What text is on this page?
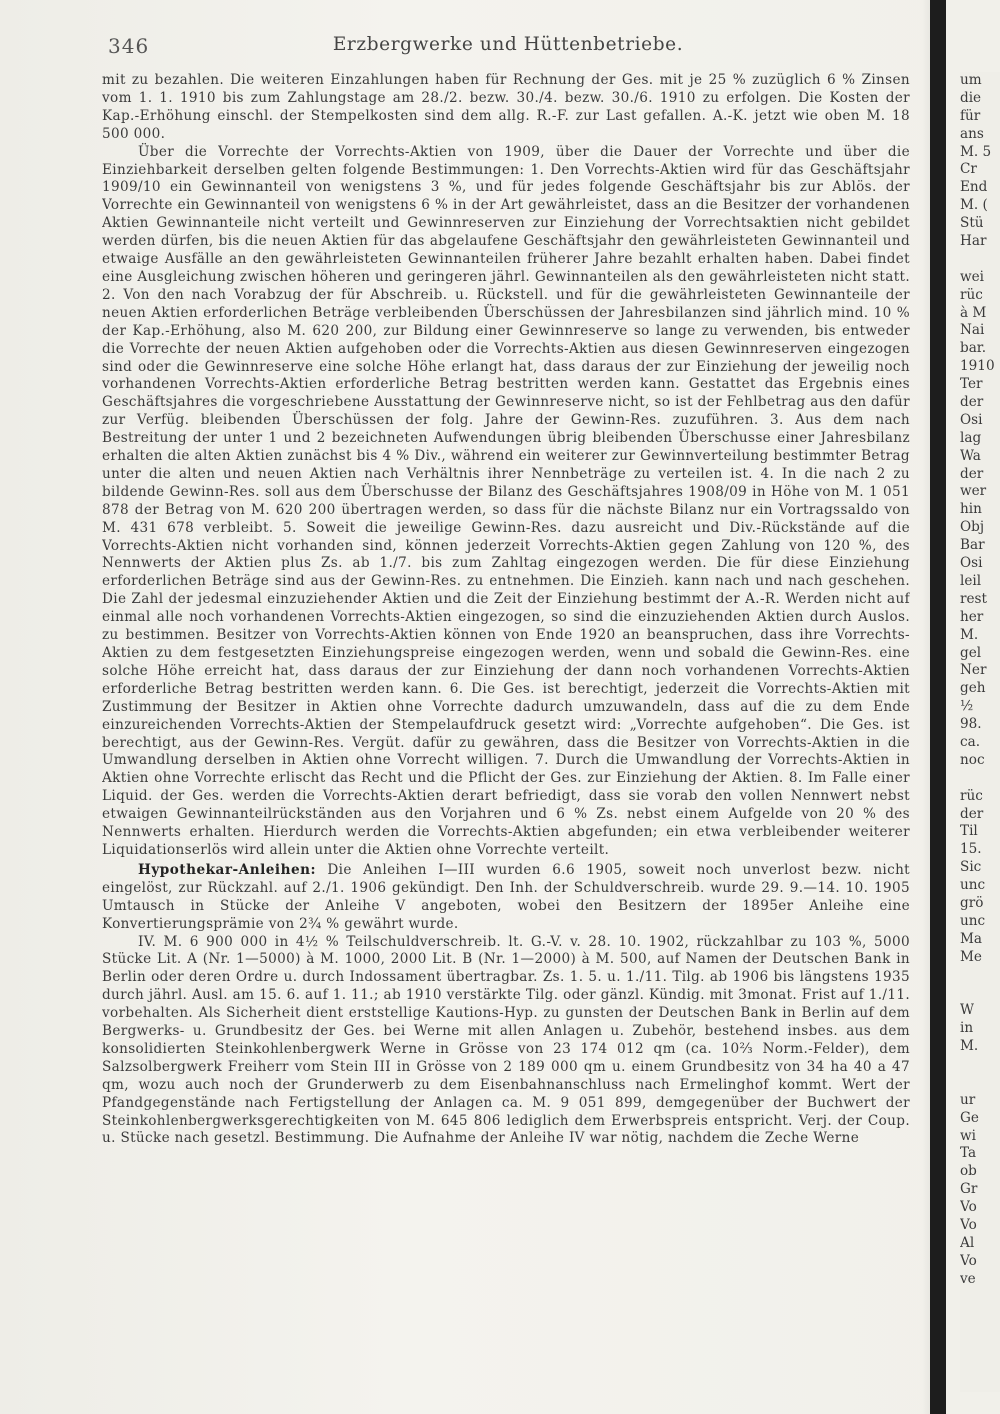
346	Erzbergwerke und Hüttenbetriebe.

mit zu bezahlen. Die weiteren Einzahlungen haben für Rechnung der Ges. mit je 25 % zuzüglich 6 % Zinsen vom 1. 1. 1910 bis zum Zahlungstage am 28./2. bezw. 30./4. bezw. 30./6. 1910 zu erfolgen. Die Kosten der Kap.-Erhöhung einschl. der Stempelkosten sind dem allg. R.-F. zur Last gefallen. A.-K. jetzt wie oben M. 18 500 000.

Über die Vorrechte der Vorrechts-Aktien von 1909, über die Dauer der Vorrechte und über die Einziehbarkeit derselben gelten folgende Bestimmungen: 1. Den Vorrechts-Aktien wird für das Geschäftsjahr 1909/10 ein Gewinnanteil von wenigstens 3 %, und für jedes folgende Geschäftsjahr bis zur Ablös. der Vorrechte ein Gewinnanteil von wenigstens 6 % in der Art gewährleistet, dass an die Besitzer der vorhandenen Aktien Gewinnanteile nicht verteilt und Gewinnreserven zur Einziehung der Vorrechtsaktien nicht gebildet werden dürfen, bis die neuen Aktien für das abgelaufene Geschäftsjahr den gewährleisteten Gewinnanteil und etwaige Ausfälle an den gewährleisteten Gewinnanteilen früherer Jahre bezahlt erhalten haben. Dabei findet eine Ausgleichung zwischen höheren und geringeren jährl. Gewinnanteilen als den gewährleisteten nicht statt. 2. Von den nach Vorabzug der für Abschreib. u. Rückstell. und für die gewährleisteten Gewinnanteile der neuen Aktien erforderlichen Beträge verbleibenden Überschüssen der Jahresbilanzen sind jährlich mind. 10 % der Kap.-Erhöhung, also M. 620 200, zur Bildung einer Gewinnreserve so lange zu verwenden, bis entweder die Vorrechte der neuen Aktien aufgehoben oder die Vorrechts-Aktien aus diesen Gewinnreserven eingezogen sind oder die Gewinnreserve eine solche Höhe erlangt hat, dass daraus der zur Einziehung der jeweilig noch vorhandenen Vorrechts-Aktien erforderliche Betrag bestritten werden kann. Gestattet das Ergebnis eines Geschäftsjahres die vorgeschriebene Ausstattung der Gewinnreserve nicht, so ist der Fehlbetrag aus den dafür zur Verfüg. bleibenden Überschüssen der folg. Jahre der Gewinn-Res. zuzuführen. 3. Aus dem nach Bestreitung der unter 1 und 2 bezeichneten Aufwendungen übrig bleibenden Überschusse einer Jahresbilanz erhalten die alten Aktien zunächst bis 4 % Div., während ein weiterer zur Gewinnverteilung bestimmter Betrag unter die alten und neuen Aktien nach Verhältnis ihrer Nennbeträge zu verteilen ist. 4. In die nach 2 zu bildende Gewinn-Res. soll aus dem Überschusse der Bilanz des Geschäftsjahres 1908/09 in Höhe von M. 1 051 878 der Betrag von M. 620 200 übertragen werden, so dass für die nächste Bilanz nur ein Vortragssaldo von M. 431 678 verbleibt. 5. Soweit die jeweilige Gewinn-Res. dazu ausreicht und Div.-Rückstände auf die Vorrechts-Aktien nicht vorhanden sind, können jederzeit Vorrechts-Aktien gegen Zahlung von 120 %, des Nennwerts der Aktien plus Zs. ab 1./7. bis zum Zahltag eingezogen werden. Die für diese Einziehung erforderlichen Beträge sind aus der Gewinn-Res. zu entnehmen. Die Einzieh. kann nach und nach geschehen. Die Zahl der jedesmal einzuziehender Aktien und die Zeit der Einziehung bestimmt der A.-R. Werden nicht auf einmal alle noch vorhandenen Vorrechts-Aktien eingezogen, so sind die einzuziehenden Aktien durch Auslos. zu bestimmen. Besitzer von Vorrechts-Aktien können von Ende 1920 an beanspruchen, dass ihre Vorrechts-Aktien zu dem festgesetzten Einziehungspreise eingezogen werden, wenn und sobald die Gewinn-Res. eine solche Höhe erreicht hat, dass daraus der zur Einziehung der dann noch vorhandenen Vorrechts-Aktien erforderliche Betrag bestritten werden kann. 6. Die Ges. ist berechtigt, jederzeit die Vorrechts-Aktien mit Zustimmung der Besitzer in Aktien ohne Vorrechte dadurch umzuwandeln, dass auf die zu dem Ende einzureichenden Vorrechts-Aktien der Stempelaufdruck gesetzt wird: „Vorrechte aufgehoben“. Die Ges. ist berechtigt, aus der Gewinn-Res. Vergüt. dafür zu gewähren, dass die Besitzer von Vorrechts-Aktien in die Umwandlung derselben in Aktien ohne Vorrecht willigen. 7. Durch die Umwandlung der Vorrechts-Aktien in Aktien ohne Vorrechte erlischt das Recht und die Pflicht der Ges. zur Einziehung der Aktien. 8. Im Falle einer Liquid. der Ges. werden die Vorrechts-Aktien derart befriedigt, dass sie vorab den vollen Nennwert nebst etwaigen Gewinnanteilrückständen aus den Vorjahren und 6 % Zs. nebst einem Aufgelde von 20 % des Nennwerts erhalten. Hierdurch werden die Vorrechts-Aktien abgefunden; ein etwa verbleibender weiterer Liquidationserlös wird allein unter die Aktien ohne Vorrechte verteilt.

Hypothekar-Anleihen: Die Anleihen I—III wurden 6.6 1905, soweit noch unverlost bezw. nicht eingelöst, zur Rückzahl. auf 2./1. 1906 gekündigt. Den Inh. der Schuldverschreib. wurde 29. 9.—14. 10. 1905 Umtausch in Stücke der Anleihe V angeboten, wobei den Besitzern der 1895er Anleihe eine Konvertierungsprämie von 2¾ % gewährt wurde.

IV. M. 6 900 000 in 4½ % Teilschuldverschreib. lt. G.-V. v. 28. 10. 1902, rückzahlbar zu 103 %, 5000 Stücke Lit. A (Nr. 1—5000) à M. 1000, 2000 Lit. B (Nr. 1—2000) à M. 500, auf Namen der Deutschen Bank in Berlin oder deren Ordre u. durch Indossament übertragbar. Zs. 1. 5. u. 1./11. Tilg. ab 1906 bis längstens 1935 durch jährl. Ausl. am 15. 6. auf 1. 11.; ab 1910 verstärkte Tilg. oder gänzl. Kündig. mit 3monat. Frist auf 1./11. vorbehalten. Als Sicherheit dient erststellige Kautions-Hyp. zu gunsten der Deutschen Bank in Berlin auf dem Bergwerks- u. Grundbesitz der Ges. bei Werne mit allen Anlagen u. Zubehör, bestehend insbes. aus dem konsolidierten Steinkohlenbergwerk Werne in Grösse von 23 174 012 qm (ca. 10⅔ Norm.-Felder), dem Salzsolbergwerk Freiherr vom Stein III in Grösse von 2 189 000 qm u. einem Grundbesitz von 34 ha 40 a 47 qm, wozu auch noch der Grunderwerb zu dem Eisenbahnanschluss nach Ermelinghof kommt. Wert der Pfandgegenstände nach Fertigstellung der Anlagen ca. M. 9 051 899, demgegenüber der Buchwert der Steinkohlenbergwerksgerechtigkeiten von M. 645 806 lediglich dem Erwerbspreis entspricht. Verj. der Coup. u. Stücke nach gesetzl. Bestimmung. Die Aufnahme der Anleihe IV war nötig, nachdem die Zeche Werne

um
die
für
ans
M. 5
Cr
End
M. (
Stü
Har
wei
rüc
à M
Nai
bar.
1910
Ter
der
Osi
lag
Wa
der
wer
hin
Obj
Bar
Osi
leil
rest
her
M.
gel
Ner
geh
½
98.
ca.
noc
rüc
der
Til
15.
Sic
unc
grö
unc
Ma
Me
W
in
M.
ur
Ge
wi
Ta
ob
Gr
Vo
Vo
Al
Vo
ve
